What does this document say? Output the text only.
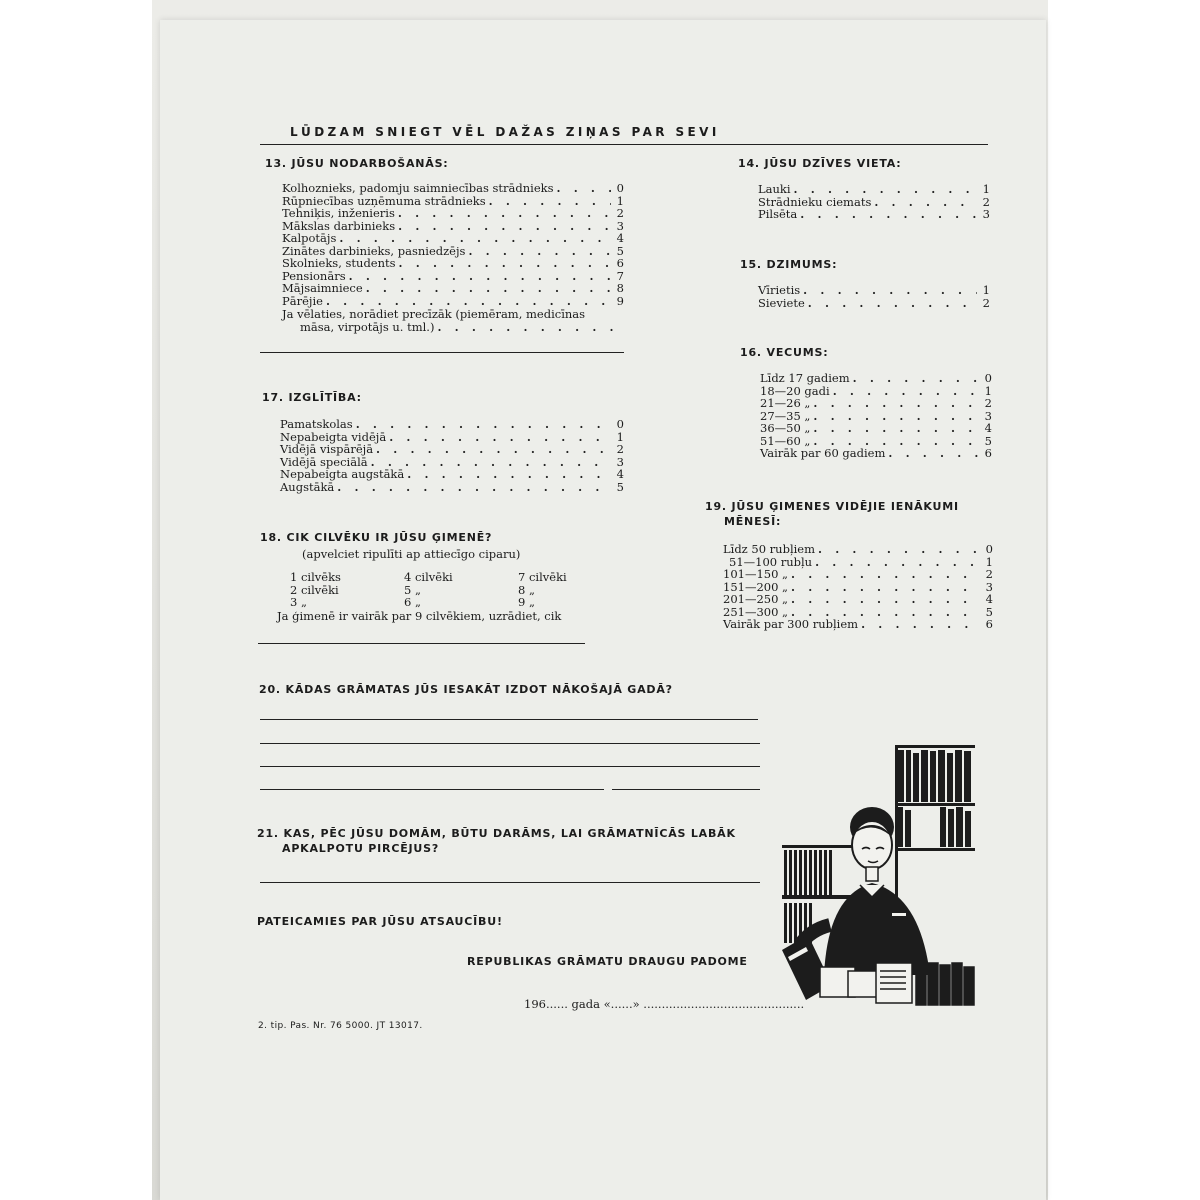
LŪDZAM SNIEGT VĒL DAŽAS ZIŅAS PAR SEVI
13. JŪSU NODARBOŠANĀS:
Kolhoznieks, padomju saimniecības strādnieks . . .	0
Rūpniecības uzņēmuma strādnieks . . .	1
Tehniķis, inženieris . . .	2
Mākslas darbinieks . . .	3
Kalpotājs . . .	4
Zinātes darbinieks, pasniedzējs . . .	5
Skolnieks, students . . .	6
Pensionārs . . .	7
Mājsaimniece . . .	8
Pārējie . . .	9
Ja vēlaties, norādiet precīzāk (piemēram, medicīnas
māsa, virpotājs u. tml.)
. . .
14. JŪSU DZĪVES VIETA:
Lauki . . .	1
Strādnieku ciemats . . .	2
Pilsēta . . .	3
15. DZIMUMS:
Vīrietis . . .	1
Sieviete . . .	2
16. VECUMS:
Līdz 17 gadiem . . .	0
18—20 gadi . . .	1
21—26 „ . . .	2
27—35 „ . . .	3
36—50 „ . . .	4
51—60 „ . . .	5
Vairāk par 60 gadiem . . .	6
17. IZGLĪTĪBA:
Pamatskolas . . .	0
Nepabeigta vidējā . . .	1
Vidējā vispārējā . . .	2
Vidējā speciālā . . .	3
Nepabeigta augstākā . . .	4
Augstākā . . .	5
18. CIK CILVĒKU IR JŪSU ĢIMENĒ?
(apvelciet ripulīti ap attiecīgo ciparu)
1 cilvēks	4 cilvēki	7 cilvēki
2 cilvēki	5 „	8 „
3 „	6 „	9 „
Ja ģimenē ir vairāk par 9 cilvēkiem, uzrādiet, cik
19. JŪSU ĢIMENES VIDĒJIE IENĀKUMI
MĒNESĪ:
Līdz 50 rubļiem . . .	0
51—100 rubļu . . .	1
101—150 „ . . .	2
151—200 „ . . .	3
201—250 „ . . .	4
251—300 „ . . .	5
Vairāk par 300 rubļiem . . .	6
20. KĀDAS GRĀMATAS JŪS IESAKĀT IZDOT NĀKOŠAJĀ GADĀ?
21. KAS, PĒC JŪSU DOMĀM, BŪTU DARĀMS, LAI GRĀMATNĪCĀS LABĀK
APKALPOTU PIRCĒJUS?
PATEICAMIES PAR JŪSU ATSAUCĪBU!
REPUBLIKAS GRĀMATU DRAUGU PADOME
196...... gada «......» ............................................
2. tip. Pas. Nr. 76 5000. JT 13017.
